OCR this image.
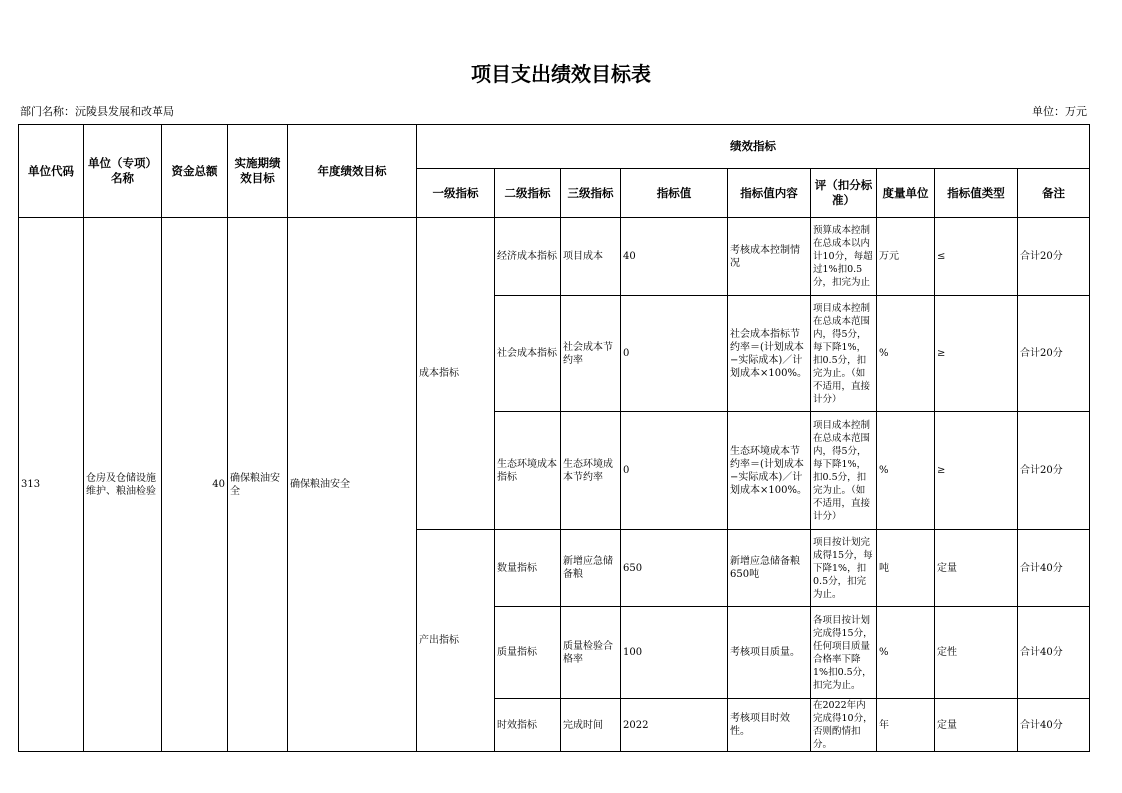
项目支出绩效目标表
部门名称：沅陵县发展和改革局	单位：万元
单位代码	单位（专项）名称	资金总额	实施期绩效目标	年度绩效目标	绩效指标								
					一级指标	二级指标	三级指标	指标值	指标值内容	评（扣分标准）	度量单位	指标值类型	备注
313	仓房及仓储设施维护、粮油检验	40	确保粮油安全	确保粮油安全	成本指标	经济成本指标	项目成本	40	考核成本控制情况	预算成本控制在总成本以内计10分，每超过1%扣0.5分，扣完为止	万元	≤	合计20分
						社会成本指标	社会成本节约率	0	社会成本指标节约率＝(计划成本−实际成本)／计划成本×100%。	项目成本控制在总成本范围内，得5分，每下降1%，扣0.5分，扣完为止。（如不适用，直接计分）	%	≥	合计20分
						生态环境成本指标	生态环境成本节约率	0	生态环境成本节约率＝(计划成本−实际成本)／计划成本×100%。	项目成本控制在总成本范围内，得5分，每下降1%，扣0.5分，扣完为止。（如不适用，直接计分）	%	≥	合计20分
					产出指标	数量指标	新增应急储备粮	650	新增应急储备粮650吨	项目按计划完成得15分，每下降1%，扣0.5分，扣完为止。	吨	定量	合计40分
						质量指标	质量检验合格率	100	考核项目质量。	各项目按计划完成得15分，任何项目质量合格率下降1%扣0.5分，扣完为止。	%	定性	合计40分
						时效指标	完成时间	2022	考核项目时效性。	在2022年内完成得10分，否则酌情扣分。	年	定量	合计40分
